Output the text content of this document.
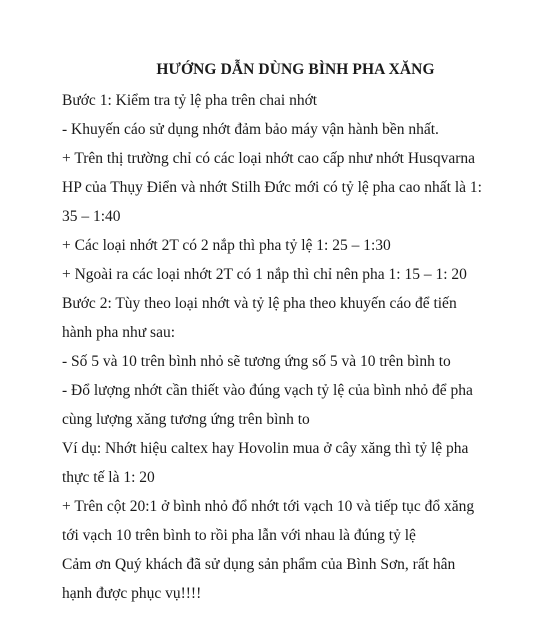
HƯỚNG DẪN DÙNG BÌNH PHA XĂNG

Bước 1: Kiểm tra tỷ lệ pha trên chai nhớt

- Khuyến cáo sử dụng nhớt đảm bảo máy vận hành bền nhất.

+ Trên thị trường chỉ có các loại nhớt cao cấp như nhớt Husqvarna

HP của Thụy Điển và nhớt Stilh Đức mới có tỷ lệ pha cao nhất là 1:

35 – 1:40

+ Các loại nhớt 2T có 2 nắp thì pha tỷ lệ 1: 25 – 1:30

+ Ngoài ra các loại nhớt 2T có 1 nắp thì chỉ nên pha 1: 15 – 1: 20

Bước 2: Tùy theo loại nhớt và tỷ lệ pha theo khuyến cáo để tiến

hành pha như sau:

- Số 5 và 10 trên bình nhỏ sẽ tương ứng số 5 và 10 trên bình to

- Đổ lượng nhớt cần thiết vào đúng vạch tỷ lệ của bình nhỏ để pha

cùng lượng xăng tương ứng trên bình to

Ví dụ: Nhớt hiệu caltex hay Hovolin mua ở cây xăng thì tỷ lệ pha

thực tế là 1: 20

+ Trên cột 20:1 ở bình nhỏ đổ nhớt tới vạch 10 và tiếp tục đổ xăng

tới vạch 10 trên bình to rồi pha lẫn với nhau là đúng tỷ lệ

Cảm ơn Quý khách đã sử dụng sản phẩm của Bình Sơn, rất hân

hạnh được phục vụ!!!!
